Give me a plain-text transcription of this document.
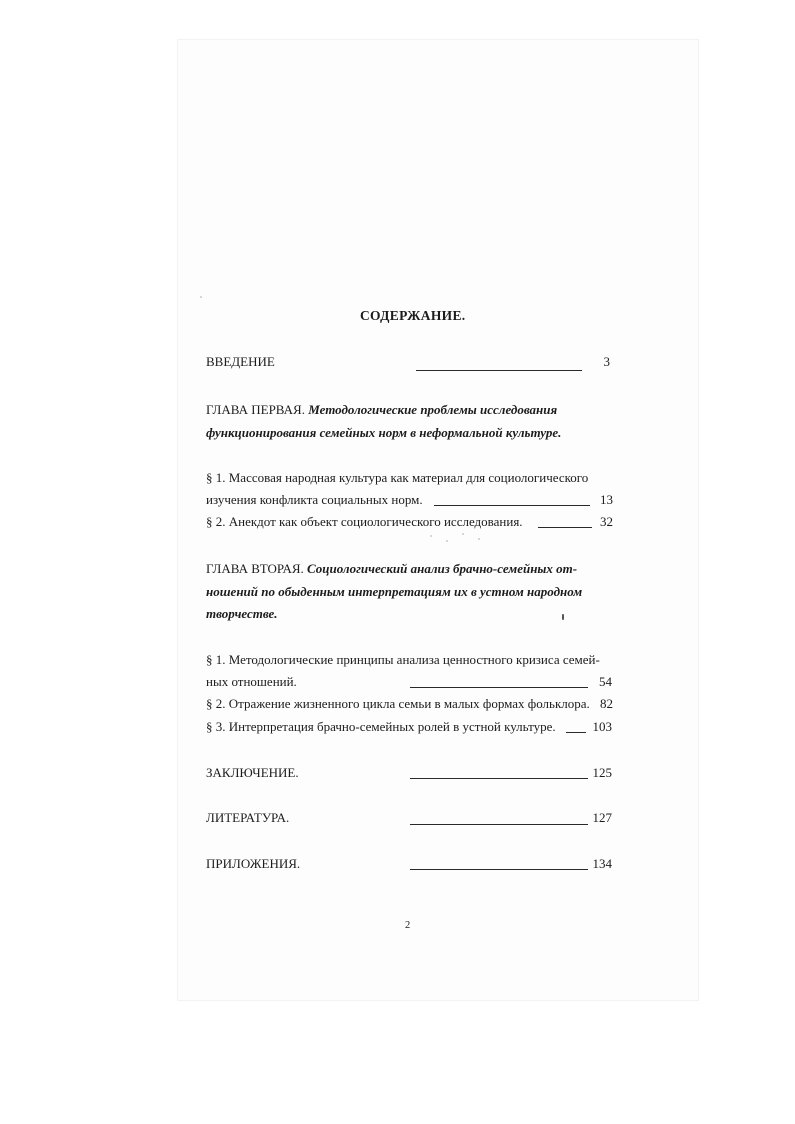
СОДЕРЖАНИЕ.
ВВЕДЕНИЕ	3
ГЛАВА ПЕРВАЯ. Методологические проблемы исследования
функционирования семейных норм в неформальной культуре.
§ 1. Массовая народная культура как материал для социологического
изучения конфликта социальных норм.	13
§ 2. Анекдот как объект социологического исследования.	32
ГЛАВА ВТОРАЯ. Социологический анализ брачно-семейных от-
ношений по обыденным интерпретациям их в устном народном
творчестве.
§ 1. Методологические принципы анализа ценностного кризиса семей-
ных отношений.	54
§ 2. Отражение жизненного цикла семьи в малых формах фольклора. 82
§ 3. Интерпретация брачно-семейных ролей в устной культуре.	103
ЗАКЛЮЧЕНИЕ.	125
ЛИТЕРАТУРА.	127
ПРИЛОЖЕНИЯ.	134
2
